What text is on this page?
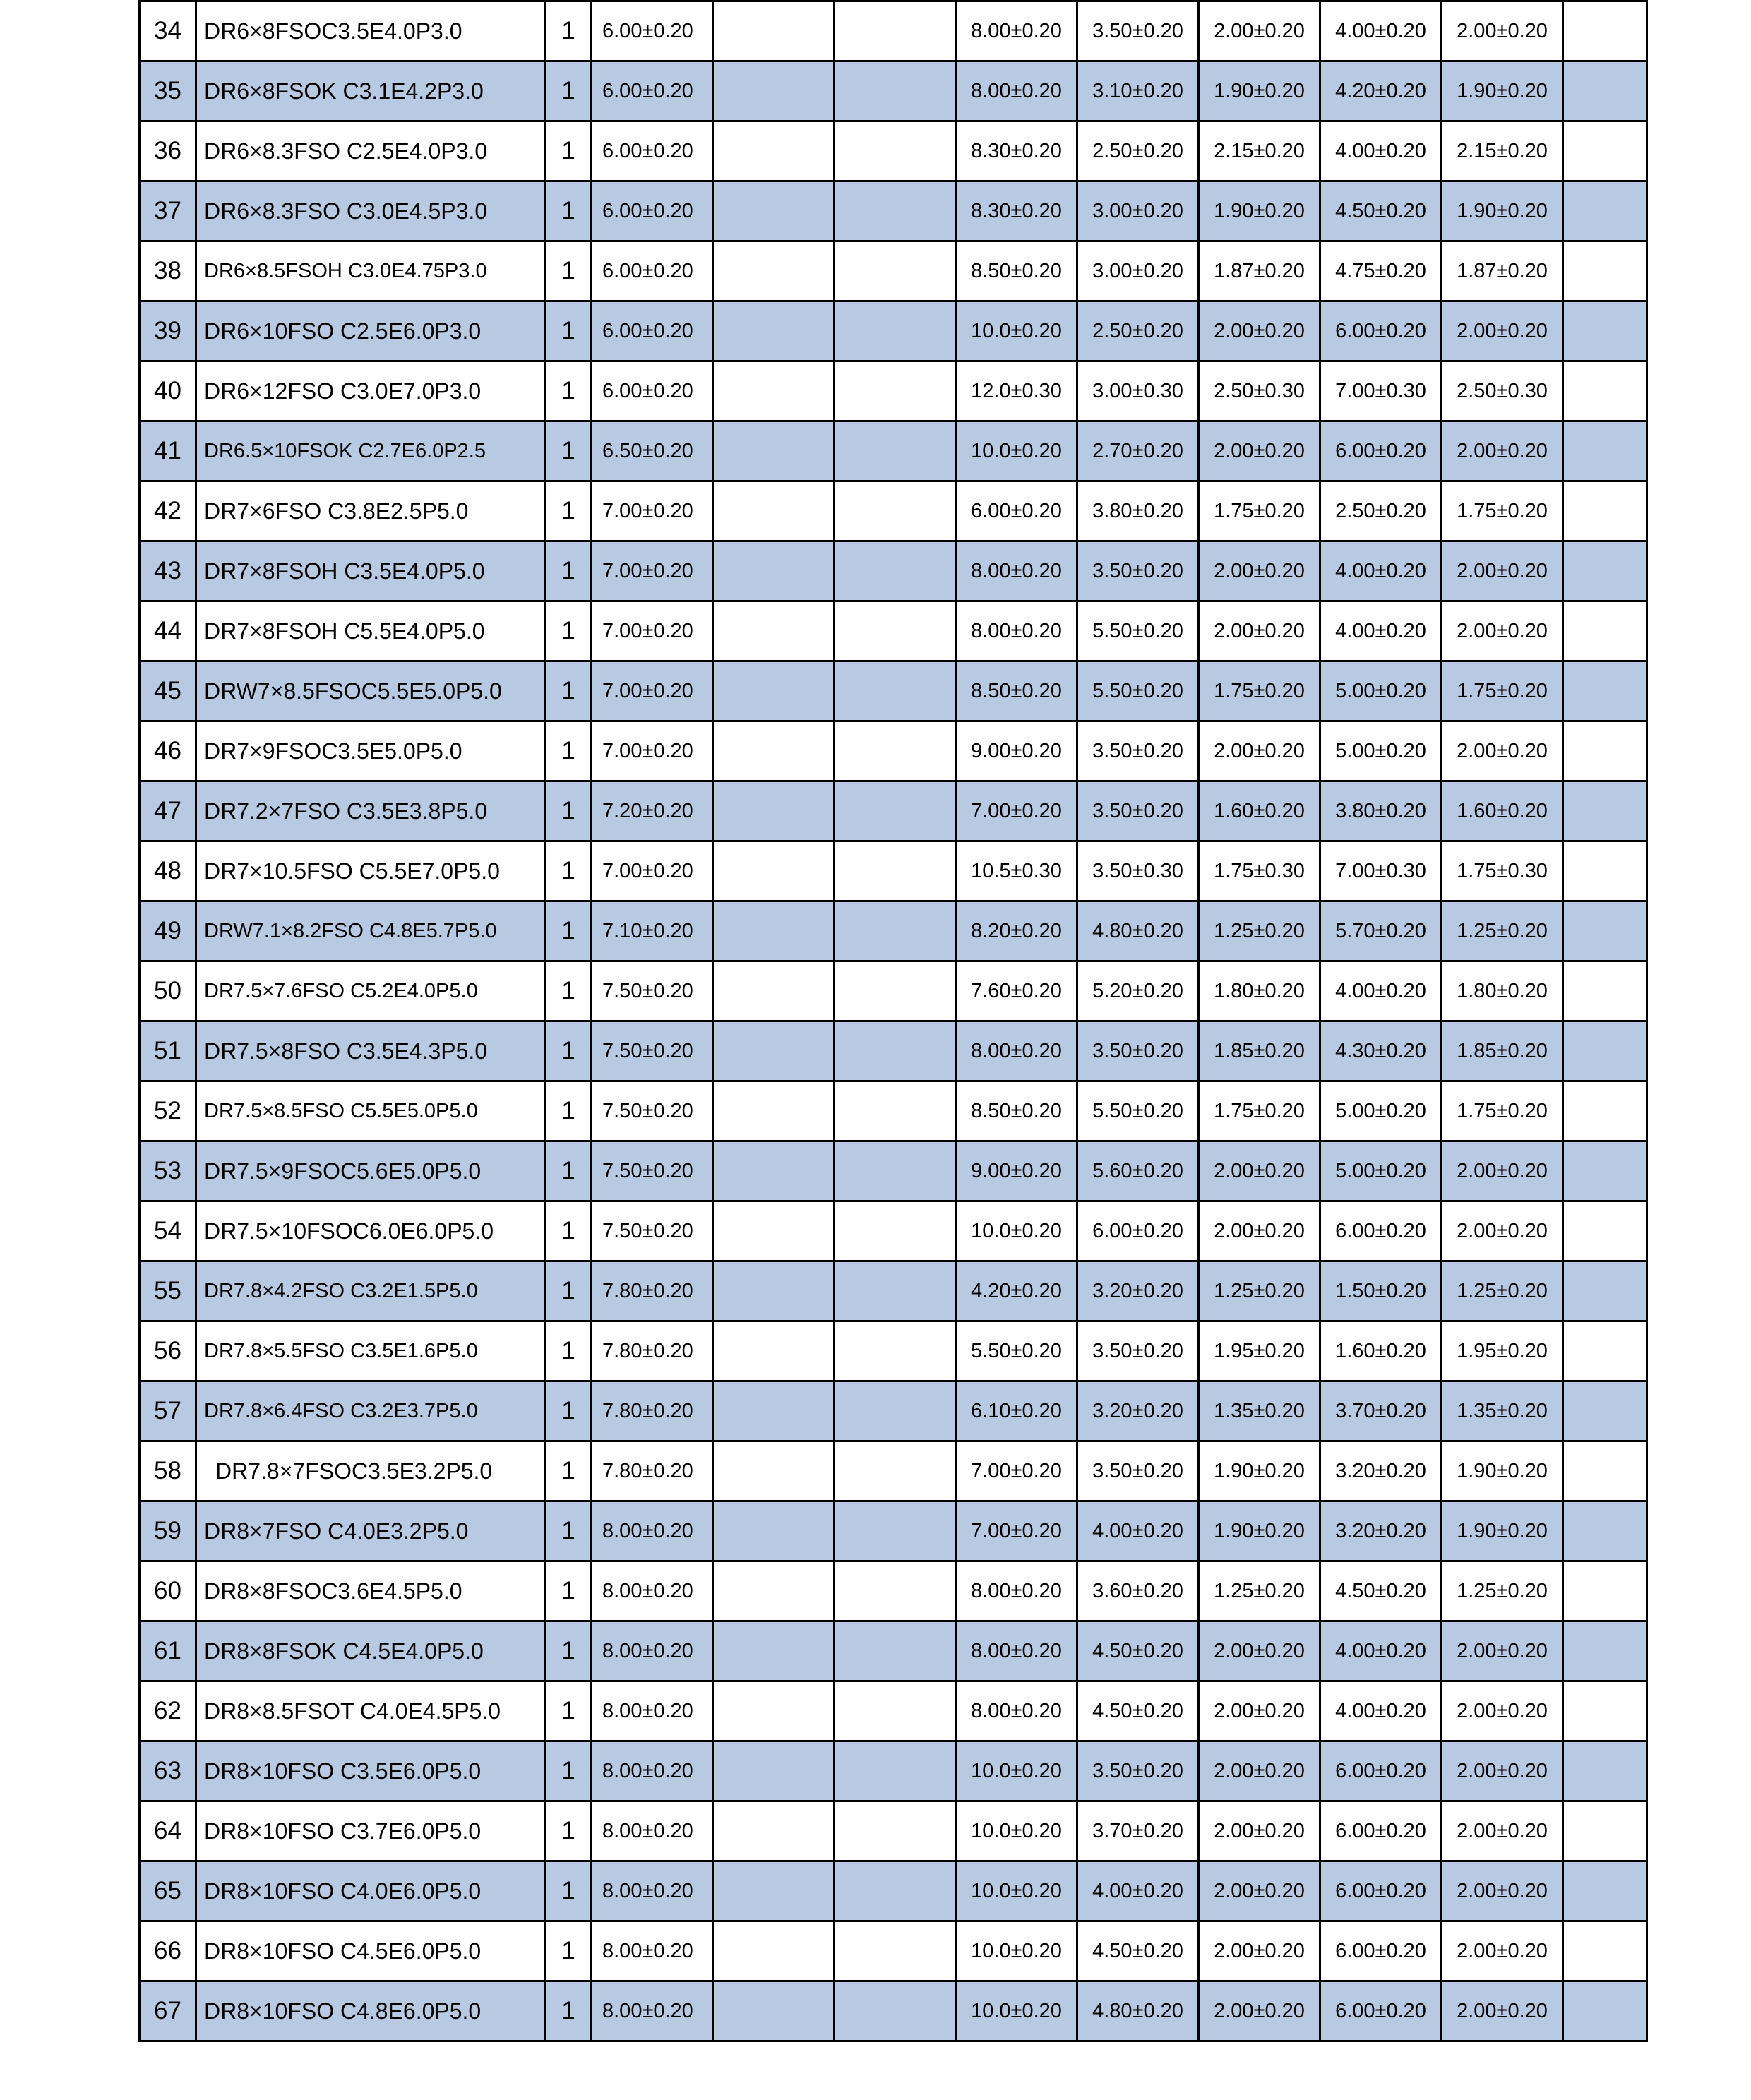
34	DR6×8FSOC3.5E4.0P3.0	1	6.00±0.20			8.00±0.20	3.50±0.20	2.00±0.20	4.00±0.20	2.00±0.20	
35	DR6×8FSOK C3.1E4.2P3.0	1	6.00±0.20			8.00±0.20	3.10±0.20	1.90±0.20	4.20±0.20	1.90±0.20	
36	DR6×8.3FSO C2.5E4.0P3.0	1	6.00±0.20			8.30±0.20	2.50±0.20	2.15±0.20	4.00±0.20	2.15±0.20	
37	DR6×8.3FSO C3.0E4.5P3.0	1	6.00±0.20			8.30±0.20	3.00±0.20	1.90±0.20	4.50±0.20	1.90±0.20	
38	DR6×8.5FSOH C3.0E4.75P3.0	1	6.00±0.20			8.50±0.20	3.00±0.20	1.87±0.20	4.75±0.20	1.87±0.20	
39	DR6×10FSO C2.5E6.0P3.0	1	6.00±0.20			10.0±0.20	2.50±0.20	2.00±0.20	6.00±0.20	2.00±0.20	
40	DR6×12FSO C3.0E7.0P3.0	1	6.00±0.20			12.0±0.30	3.00±0.30	2.50±0.30	7.00±0.30	2.50±0.30	
41	DR6.5×10FSOK C2.7E6.0P2.5	1	6.50±0.20			10.0±0.20	2.70±0.20	2.00±0.20	6.00±0.20	2.00±0.20	
42	DR7×6FSO C3.8E2.5P5.0	1	7.00±0.20			6.00±0.20	3.80±0.20	1.75±0.20	2.50±0.20	1.75±0.20	
43	DR7×8FSOH C3.5E4.0P5.0	1	7.00±0.20			8.00±0.20	3.50±0.20	2.00±0.20	4.00±0.20	2.00±0.20	
44	DR7×8FSOH C5.5E4.0P5.0	1	7.00±0.20			8.00±0.20	5.50±0.20	2.00±0.20	4.00±0.20	2.00±0.20	
45	DRW7×8.5FSOC5.5E5.0P5.0	1	7.00±0.20			8.50±0.20	5.50±0.20	1.75±0.20	5.00±0.20	1.75±0.20	
46	DR7×9FSOC3.5E5.0P5.0	1	7.00±0.20			9.00±0.20	3.50±0.20	2.00±0.20	5.00±0.20	2.00±0.20	
47	DR7.2×7FSO C3.5E3.8P5.0	1	7.20±0.20			7.00±0.20	3.50±0.20	1.60±0.20	3.80±0.20	1.60±0.20	
48	DR7×10.5FSO C5.5E7.0P5.0	1	7.00±0.20			10.5±0.30	3.50±0.30	1.75±0.30	7.00±0.30	1.75±0.30	
49	DRW7.1×8.2FSO C4.8E5.7P5.0	1	7.10±0.20			8.20±0.20	4.80±0.20	1.25±0.20	5.70±0.20	1.25±0.20	
50	DR7.5×7.6FSO C5.2E4.0P5.0	1	7.50±0.20			7.60±0.20	5.20±0.20	1.80±0.20	4.00±0.20	1.80±0.20	
51	DR7.5×8FSO C3.5E4.3P5.0	1	7.50±0.20			8.00±0.20	3.50±0.20	1.85±0.20	4.30±0.20	1.85±0.20	
52	DR7.5×8.5FSO C5.5E5.0P5.0	1	7.50±0.20			8.50±0.20	5.50±0.20	1.75±0.20	5.00±0.20	1.75±0.20	
53	DR7.5×9FSOC5.6E5.0P5.0	1	7.50±0.20			9.00±0.20	5.60±0.20	2.00±0.20	5.00±0.20	2.00±0.20	
54	DR7.5×10FSOC6.0E6.0P5.0	1	7.50±0.20			10.0±0.20	6.00±0.20	2.00±0.20	6.00±0.20	2.00±0.20	
55	DR7.8×4.2FSO C3.2E1.5P5.0	1	7.80±0.20			4.20±0.20	3.20±0.20	1.25±0.20	1.50±0.20	1.25±0.20	
56	DR7.8×5.5FSO C3.5E1.6P5.0	1	7.80±0.20			5.50±0.20	3.50±0.20	1.95±0.20	1.60±0.20	1.95±0.20	
57	DR7.8×6.4FSO C3.2E3.7P5.0	1	7.80±0.20			6.10±0.20	3.20±0.20	1.35±0.20	3.70±0.20	1.35±0.20	
58	DR7.8×7FSOC3.5E3.2P5.0	1	7.80±0.20			7.00±0.20	3.50±0.20	1.90±0.20	3.20±0.20	1.90±0.20	
59	DR8×7FSO C4.0E3.2P5.0	1	8.00±0.20			7.00±0.20	4.00±0.20	1.90±0.20	3.20±0.20	1.90±0.20	
60	DR8×8FSOC3.6E4.5P5.0	1	8.00±0.20			8.00±0.20	3.60±0.20	1.25±0.20	4.50±0.20	1.25±0.20	
61	DR8×8FSOK C4.5E4.0P5.0	1	8.00±0.20			8.00±0.20	4.50±0.20	2.00±0.20	4.00±0.20	2.00±0.20	
62	DR8×8.5FSOT C4.0E4.5P5.0	1	8.00±0.20			8.00±0.20	4.50±0.20	2.00±0.20	4.00±0.20	2.00±0.20	
63	DR8×10FSO C3.5E6.0P5.0	1	8.00±0.20			10.0±0.20	3.50±0.20	2.00±0.20	6.00±0.20	2.00±0.20	
64	DR8×10FSO C3.7E6.0P5.0	1	8.00±0.20			10.0±0.20	3.70±0.20	2.00±0.20	6.00±0.20	2.00±0.20	
65	DR8×10FSO C4.0E6.0P5.0	1	8.00±0.20			10.0±0.20	4.00±0.20	2.00±0.20	6.00±0.20	2.00±0.20	
66	DR8×10FSO C4.5E6.0P5.0	1	8.00±0.20			10.0±0.20	4.50±0.20	2.00±0.20	6.00±0.20	2.00±0.20	
67	DR8×10FSO C4.8E6.0P5.0	1	8.00±0.20			10.0±0.20	4.80±0.20	2.00±0.20	6.00±0.20	2.00±0.20	
